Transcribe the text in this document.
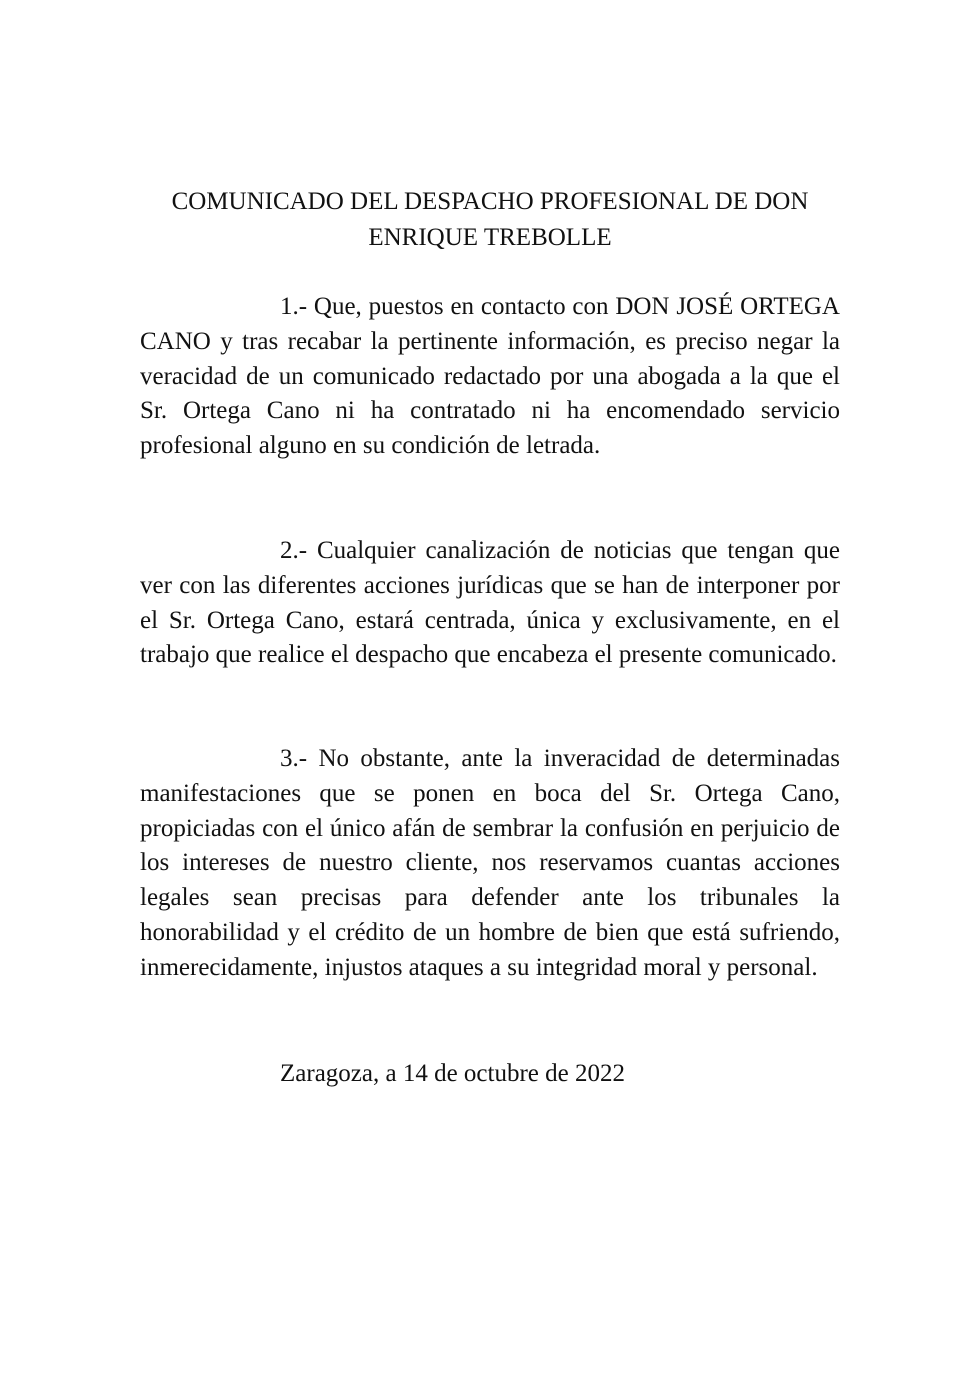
COMUNICADO DEL DESPACHO PROFESIONAL DE DON
ENRIQUE TREBOLLE

1.- Que, puestos en contacto con DON JOSÉ ORTEGA CANO y tras recabar la pertinente información, es preciso negar la veracidad de un comunicado redactado por una abogada a la que el Sr. Ortega Cano ni ha contratado ni ha encomendado servicio profesional alguno en su condición de letrada.

2.- Cualquier canalización de noticias que tengan que ver con las diferentes acciones jurídicas que se han de interponer por el Sr. Ortega Cano, estará centrada, única y exclusivamente, en el trabajo que realice el despacho que encabeza el presente comunicado.

3.- No obstante, ante la inveracidad de determinadas manifestaciones que se ponen en boca del Sr. Ortega Cano, propiciadas con el único afán de sembrar la confusión en perjuicio de los intereses de nuestro cliente, nos reservamos cuantas acciones legales sean precisas para defender ante los tribunales la honorabilidad y el crédito de un hombre de bien que está sufriendo, inmerecidamente, injustos ataques a su integridad moral y personal.

Zaragoza, a 14 de octubre de 2022
